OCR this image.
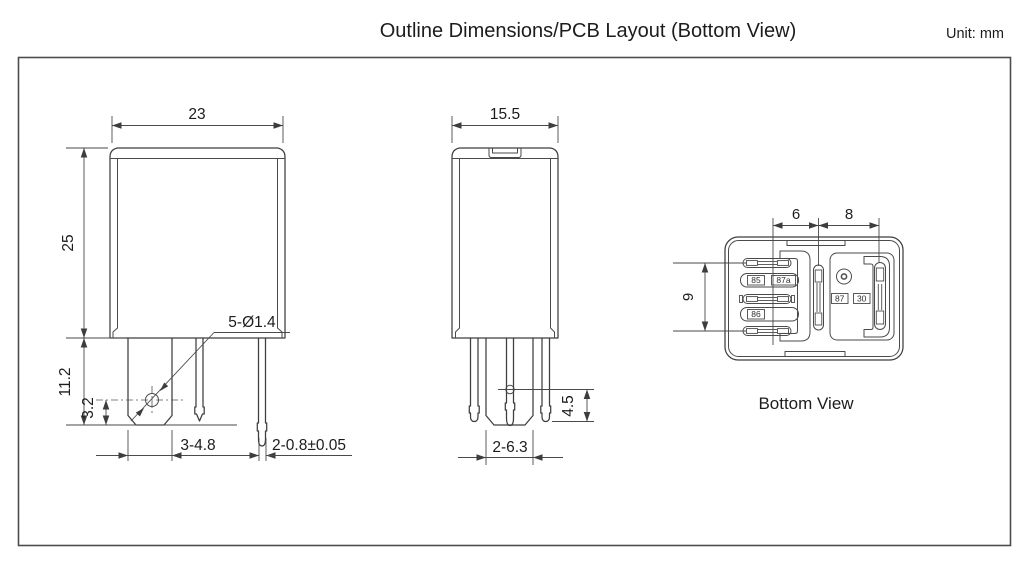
Outline Dimensions/PCB Layout (Bottom View)	Unit: mm
23
25
11.2
3.2
3-4.8	2-0.8±0.05
5-Ø1.4
15.5
4.5
2-6.3
85 87a
86
87 30
6	8
9
Bottom View
